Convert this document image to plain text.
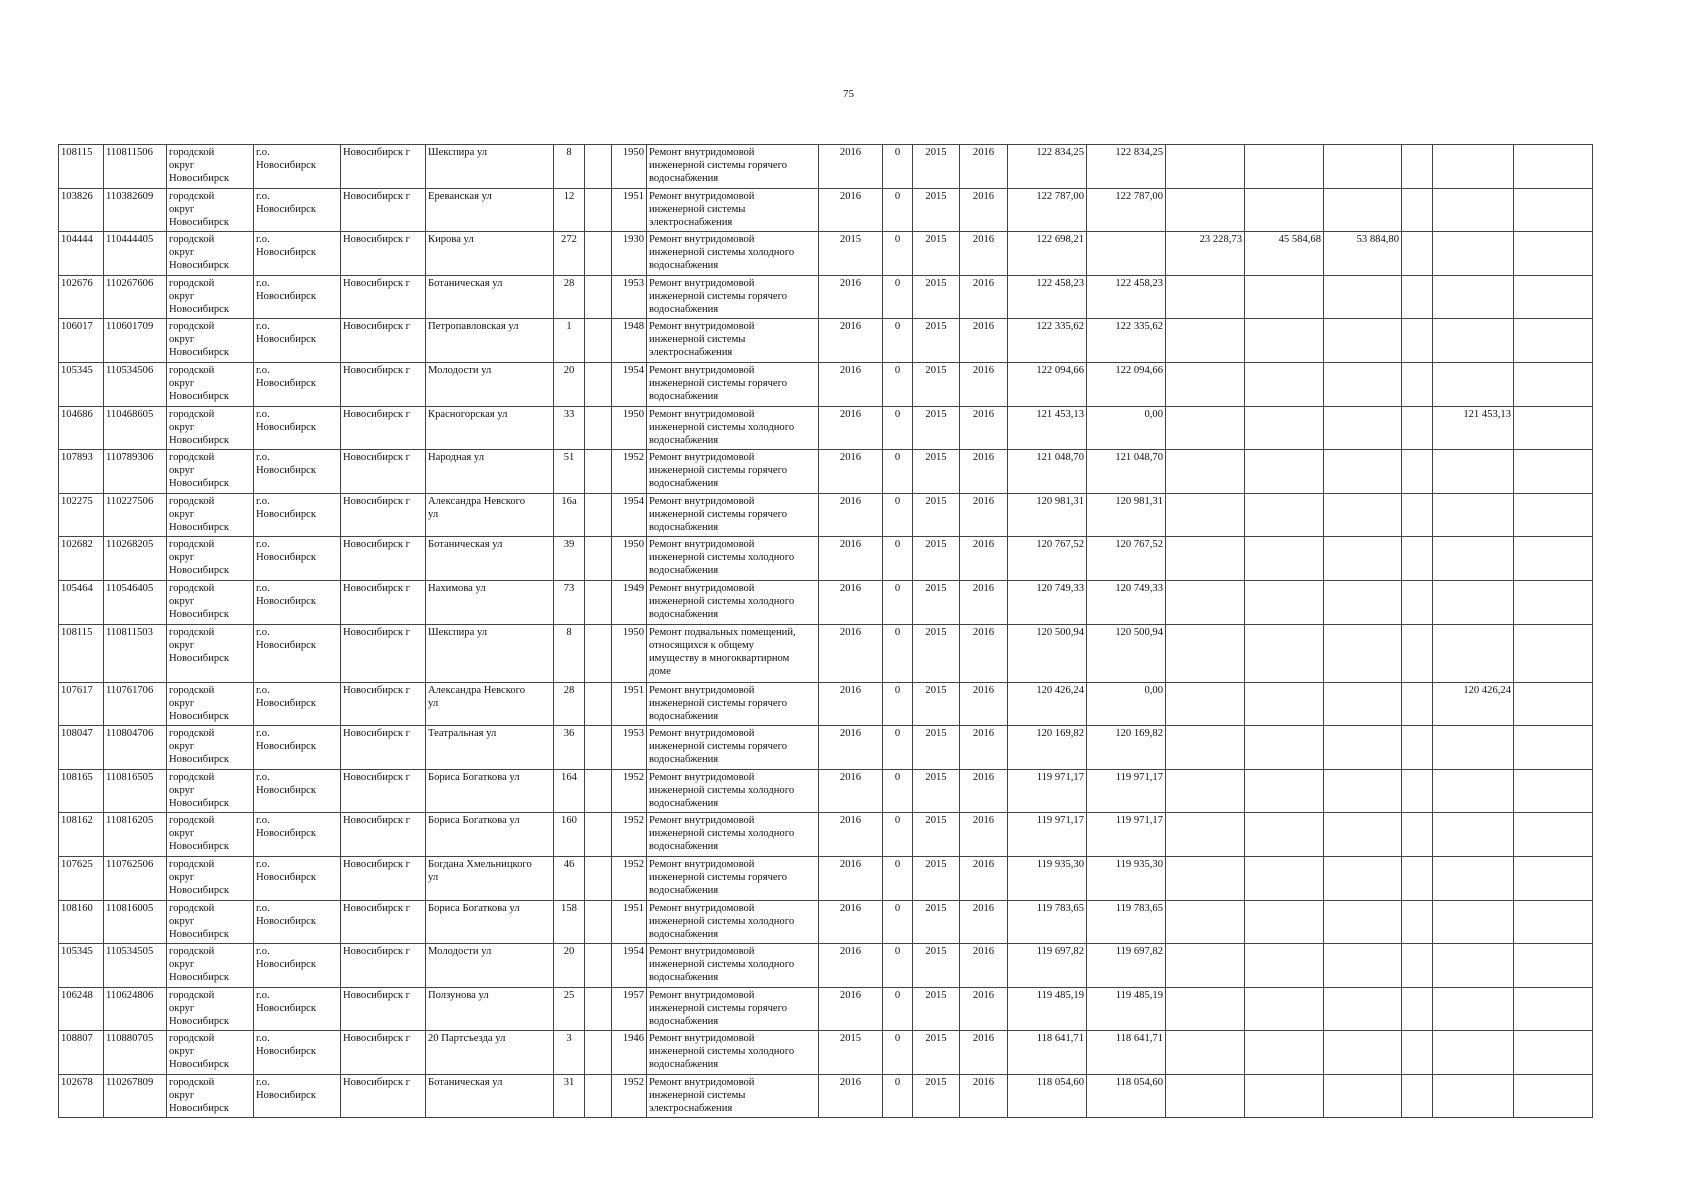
75
108115	110811506	городской
округ
Новосибирск	г.о.
Новосибирск	Новосибирск г	Шекспира ул	8		1950	Ремонт внутридомовой
инженерной системы горячего
водоснабжения	2016	0	2015	2016	122 834,25	122 834,25						
103826	110382609	городской
округ
Новосибирск	г.о.
Новосибирск	Новосибирск г	Ереванская ул	12		1951	Ремонт внутридомовой
инженерной системы
электроснабжения	2016	0	2015	2016	122 787,00	122 787,00						
104444	110444405	городской
округ
Новосибирск	г.о.
Новосибирск	Новосибирск г	Кирова ул	272		1930	Ремонт внутридомовой
инженерной системы холодного
водоснабжения	2015	0	2015	2016	122 698,21		23 228,73	45 584,68	53 884,80			
102676	110267606	городской
округ
Новосибирск	г.о.
Новосибирск	Новосибирск г	Ботаническая ул	28		1953	Ремонт внутридомовой
инженерной системы горячего
водоснабжения	2016	0	2015	2016	122 458,23	122 458,23						
106017	110601709	городской
округ
Новосибирск	г.о.
Новосибирск	Новосибирск г	Петропавловская ул	1		1948	Ремонт внутридомовой
инженерной системы
электроснабжения	2016	0	2015	2016	122 335,62	122 335,62						
105345	110534506	городской
округ
Новосибирск	г.о.
Новосибирск	Новосибирск г	Молодости ул	20		1954	Ремонт внутридомовой
инженерной системы горячего
водоснабжения	2016	0	2015	2016	122 094,66	122 094,66						
104686	110468605	городской
округ
Новосибирск	г.о.
Новосибирск	Новосибирск г	Красногорская ул	33		1950	Ремонт внутридомовой
инженерной системы холодного
водоснабжения	2016	0	2015	2016	121 453,13	0,00					121 453,13	
107893	110789306	городской
округ
Новосибирск	г.о.
Новосибирск	Новосибирск г	Народная ул	51		1952	Ремонт внутридомовой
инженерной системы горячего
водоснабжения	2016	0	2015	2016	121 048,70	121 048,70						
102275	110227506	городской
округ
Новосибирск	г.о.
Новосибирск	Новосибирск г	Александра Невского
ул	16а		1954	Ремонт внутридомовой
инженерной системы горячего
водоснабжения	2016	0	2015	2016	120 981,31	120 981,31						
102682	110268205	городской
округ
Новосибирск	г.о.
Новосибирск	Новосибирск г	Ботаническая ул	39		1950	Ремонт внутридомовой
инженерной системы холодного
водоснабжения	2016	0	2015	2016	120 767,52	120 767,52						
105464	110546405	городской
округ
Новосибирск	г.о.
Новосибирск	Новосибирск г	Нахимова ул	73		1949	Ремонт внутридомовой
инженерной системы холодного
водоснабжения	2016	0	2015	2016	120 749,33	120 749,33						
108115	110811503	городской
округ
Новосибирск	г.о.
Новосибирск	Новосибирск г	Шекспира ул	8		1950	Ремонт подвальных помещений,
относящихся к общему
имуществу в многоквартирном
доме	2016	0	2015	2016	120 500,94	120 500,94						
107617	110761706	городской
округ
Новосибирск	г.о.
Новосибирск	Новосибирск г	Александра Невского
ул	28		1951	Ремонт внутридомовой
инженерной системы горячего
водоснабжения	2016	0	2015	2016	120 426,24	0,00					120 426,24	
108047	110804706	городской
округ
Новосибирск	г.о.
Новосибирск	Новосибирск г	Театральная ул	36		1953	Ремонт внутридомовой
инженерной системы горячего
водоснабжения	2016	0	2015	2016	120 169,82	120 169,82						
108165	110816505	городской
округ
Новосибирск	г.о.
Новосибирск	Новосибирск г	Бориса Богаткова ул	164		1952	Ремонт внутридомовой
инженерной системы холодного
водоснабжения	2016	0	2015	2016	119 971,17	119 971,17						
108162	110816205	городской
округ
Новосибирск	г.о.
Новосибирск	Новосибирск г	Бориса Богаткова ул	160		1952	Ремонт внутридомовой
инженерной системы холодного
водоснабжения	2016	0	2015	2016	119 971,17	119 971,17						
107625	110762506	городской
округ
Новосибирск	г.о.
Новосибирск	Новосибирск г	Богдана Хмельницкого
ул	46		1952	Ремонт внутридомовой
инженерной системы горячего
водоснабжения	2016	0	2015	2016	119 935,30	119 935,30						
108160	110816005	городской
округ
Новосибирск	г.о.
Новосибирск	Новосибирск г	Бориса Богаткова ул	158		1951	Ремонт внутридомовой
инженерной системы холодного
водоснабжения	2016	0	2015	2016	119 783,65	119 783,65						
105345	110534505	городской
округ
Новосибирск	г.о.
Новосибирск	Новосибирск г	Молодости ул	20		1954	Ремонт внутридомовой
инженерной системы холодного
водоснабжения	2016	0	2015	2016	119 697,82	119 697,82						
106248	110624806	городской
округ
Новосибирск	г.о.
Новосибирск	Новосибирск г	Ползунова ул	25		1957	Ремонт внутридомовой
инженерной системы горячего
водоснабжения	2016	0	2015	2016	119 485,19	119 485,19						
108807	110880705	городской
округ
Новосибирск	г.о.
Новосибирск	Новосибирск г	20 Партсъезда ул	3		1946	Ремонт внутридомовой
инженерной системы холодного
водоснабжения	2015	0	2015	2016	118 641,71	118 641,71						
102678	110267809	городской
округ
Новосибирск	г.о.
Новосибирск	Новосибирск г	Ботаническая ул	31		1952	Ремонт внутридомовой
инженерной системы
электроснабжения	2016	0	2015	2016	118 054,60	118 054,60						
